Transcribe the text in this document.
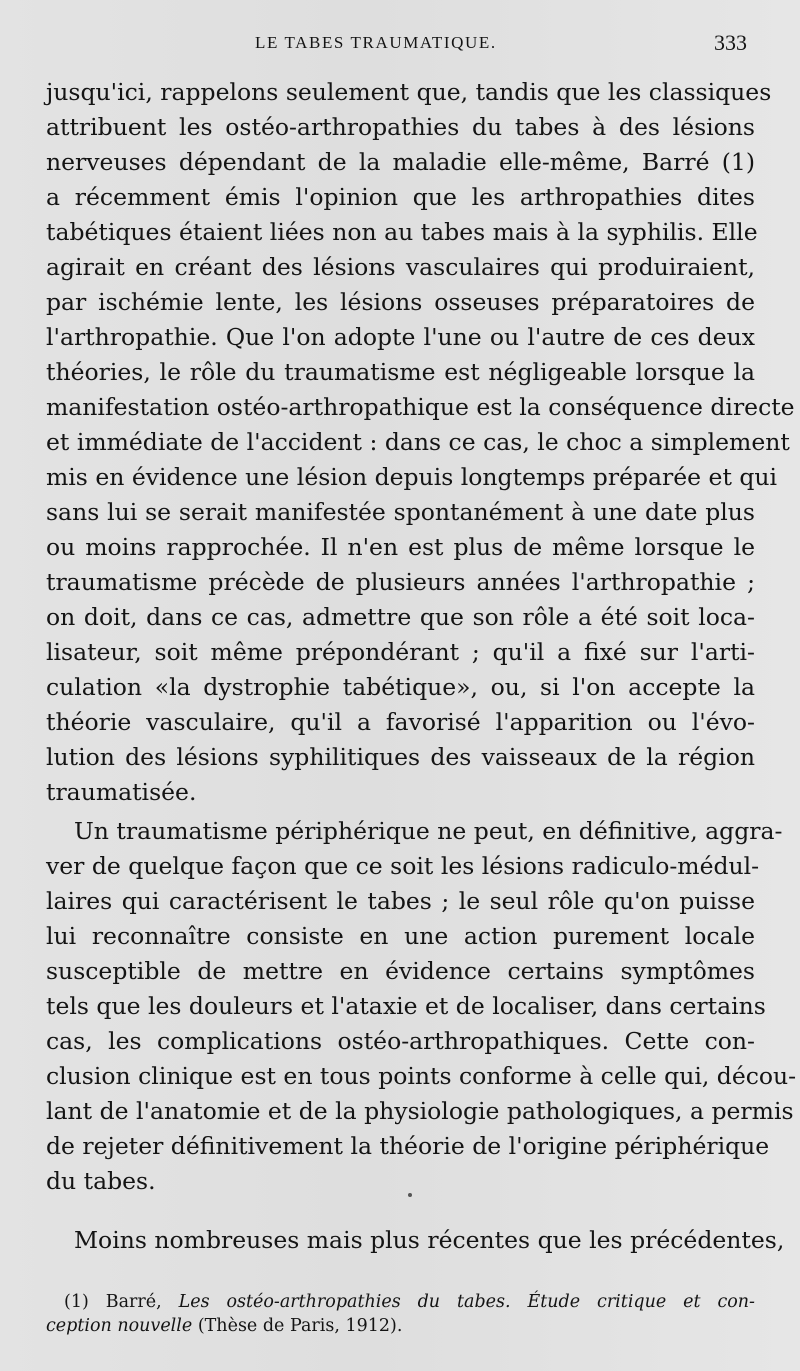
LE TABES TRAUMATIQUE.	333
jusqu'ici, rappelons seulement que, tandis que les classiques
attribuent les ostéo-arthropathies du tabes à des lésions
nerveuses dépendant de la maladie elle-même, Barré (1)
a récemment émis l'opinion que les arthropathies dites
tabétiques étaient liées non au tabes mais à la syphilis. Elle
agirait en créant des lésions vasculaires qui produiraient,
par ischémie lente, les lésions osseuses préparatoires de
l'arthropathie. Que l'on adopte l'une ou l'autre de ces deux
théories, le rôle du traumatisme est négligeable lorsque la
manifestation ostéo-arthropathique est la conséquence directe
et immédiate de l'accident : dans ce cas, le choc a simplement
mis en évidence une lésion depuis longtemps préparée et qui
sans lui se serait manifestée spontanément à une date plus
ou moins rapprochée. Il n'en est plus de même lorsque le
traumatisme précède de plusieurs années l'arthropathie ;
on doit, dans ce cas, admettre que son rôle a été soit loca-
lisateur, soit même prépondérant ; qu'il a fixé sur l'arti-
culation «la dystrophie tabétique», ou, si l'on accepte la
théorie vasculaire, qu'il a favorisé l'apparition ou l'évo-
lution des lésions syphilitiques des vaisseaux de la région
traumatisée.
Un traumatisme périphérique ne peut, en définitive, aggra-
ver de quelque façon que ce soit les lésions radiculo-médul-
laires qui caractérisent le tabes ; le seul rôle qu'on puisse
lui reconnaître consiste en une action purement locale
susceptible de mettre en évidence certains symptômes
tels que les douleurs et l'ataxie et de localiser, dans certains
cas, les complications ostéo-arthropathiques. Cette con-
clusion clinique est en tous points conforme à celle qui, décou-
lant de l'anatomie et de la physiologie pathologiques, a permis
de rejeter définitivement la théorie de l'origine périphérique
du tabes.
Moins nombreuses mais plus récentes que les précédentes,
(1) Barré, Les ostéo-arthropathies du tabes. Étude critique et con-
ception nouvelle (Thèse de Paris, 1912).
